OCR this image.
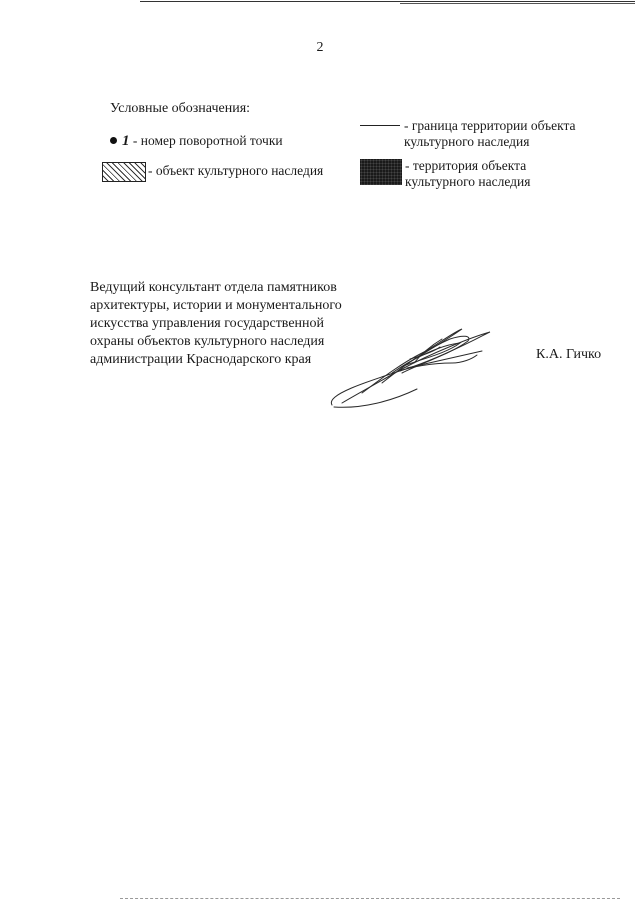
2
Условные обозначения:
1 - номер поворотной точки
- объект культурного наследия
- граница территории объекта
культурного наследия
- территория объекта
культурного наследия
Ведущий консультант отдела памятников
архитектуры, истории и монументального
искусства управления государственной
охраны объектов культурного наследия
администрации Краснодарского края	К.А. Гичко
